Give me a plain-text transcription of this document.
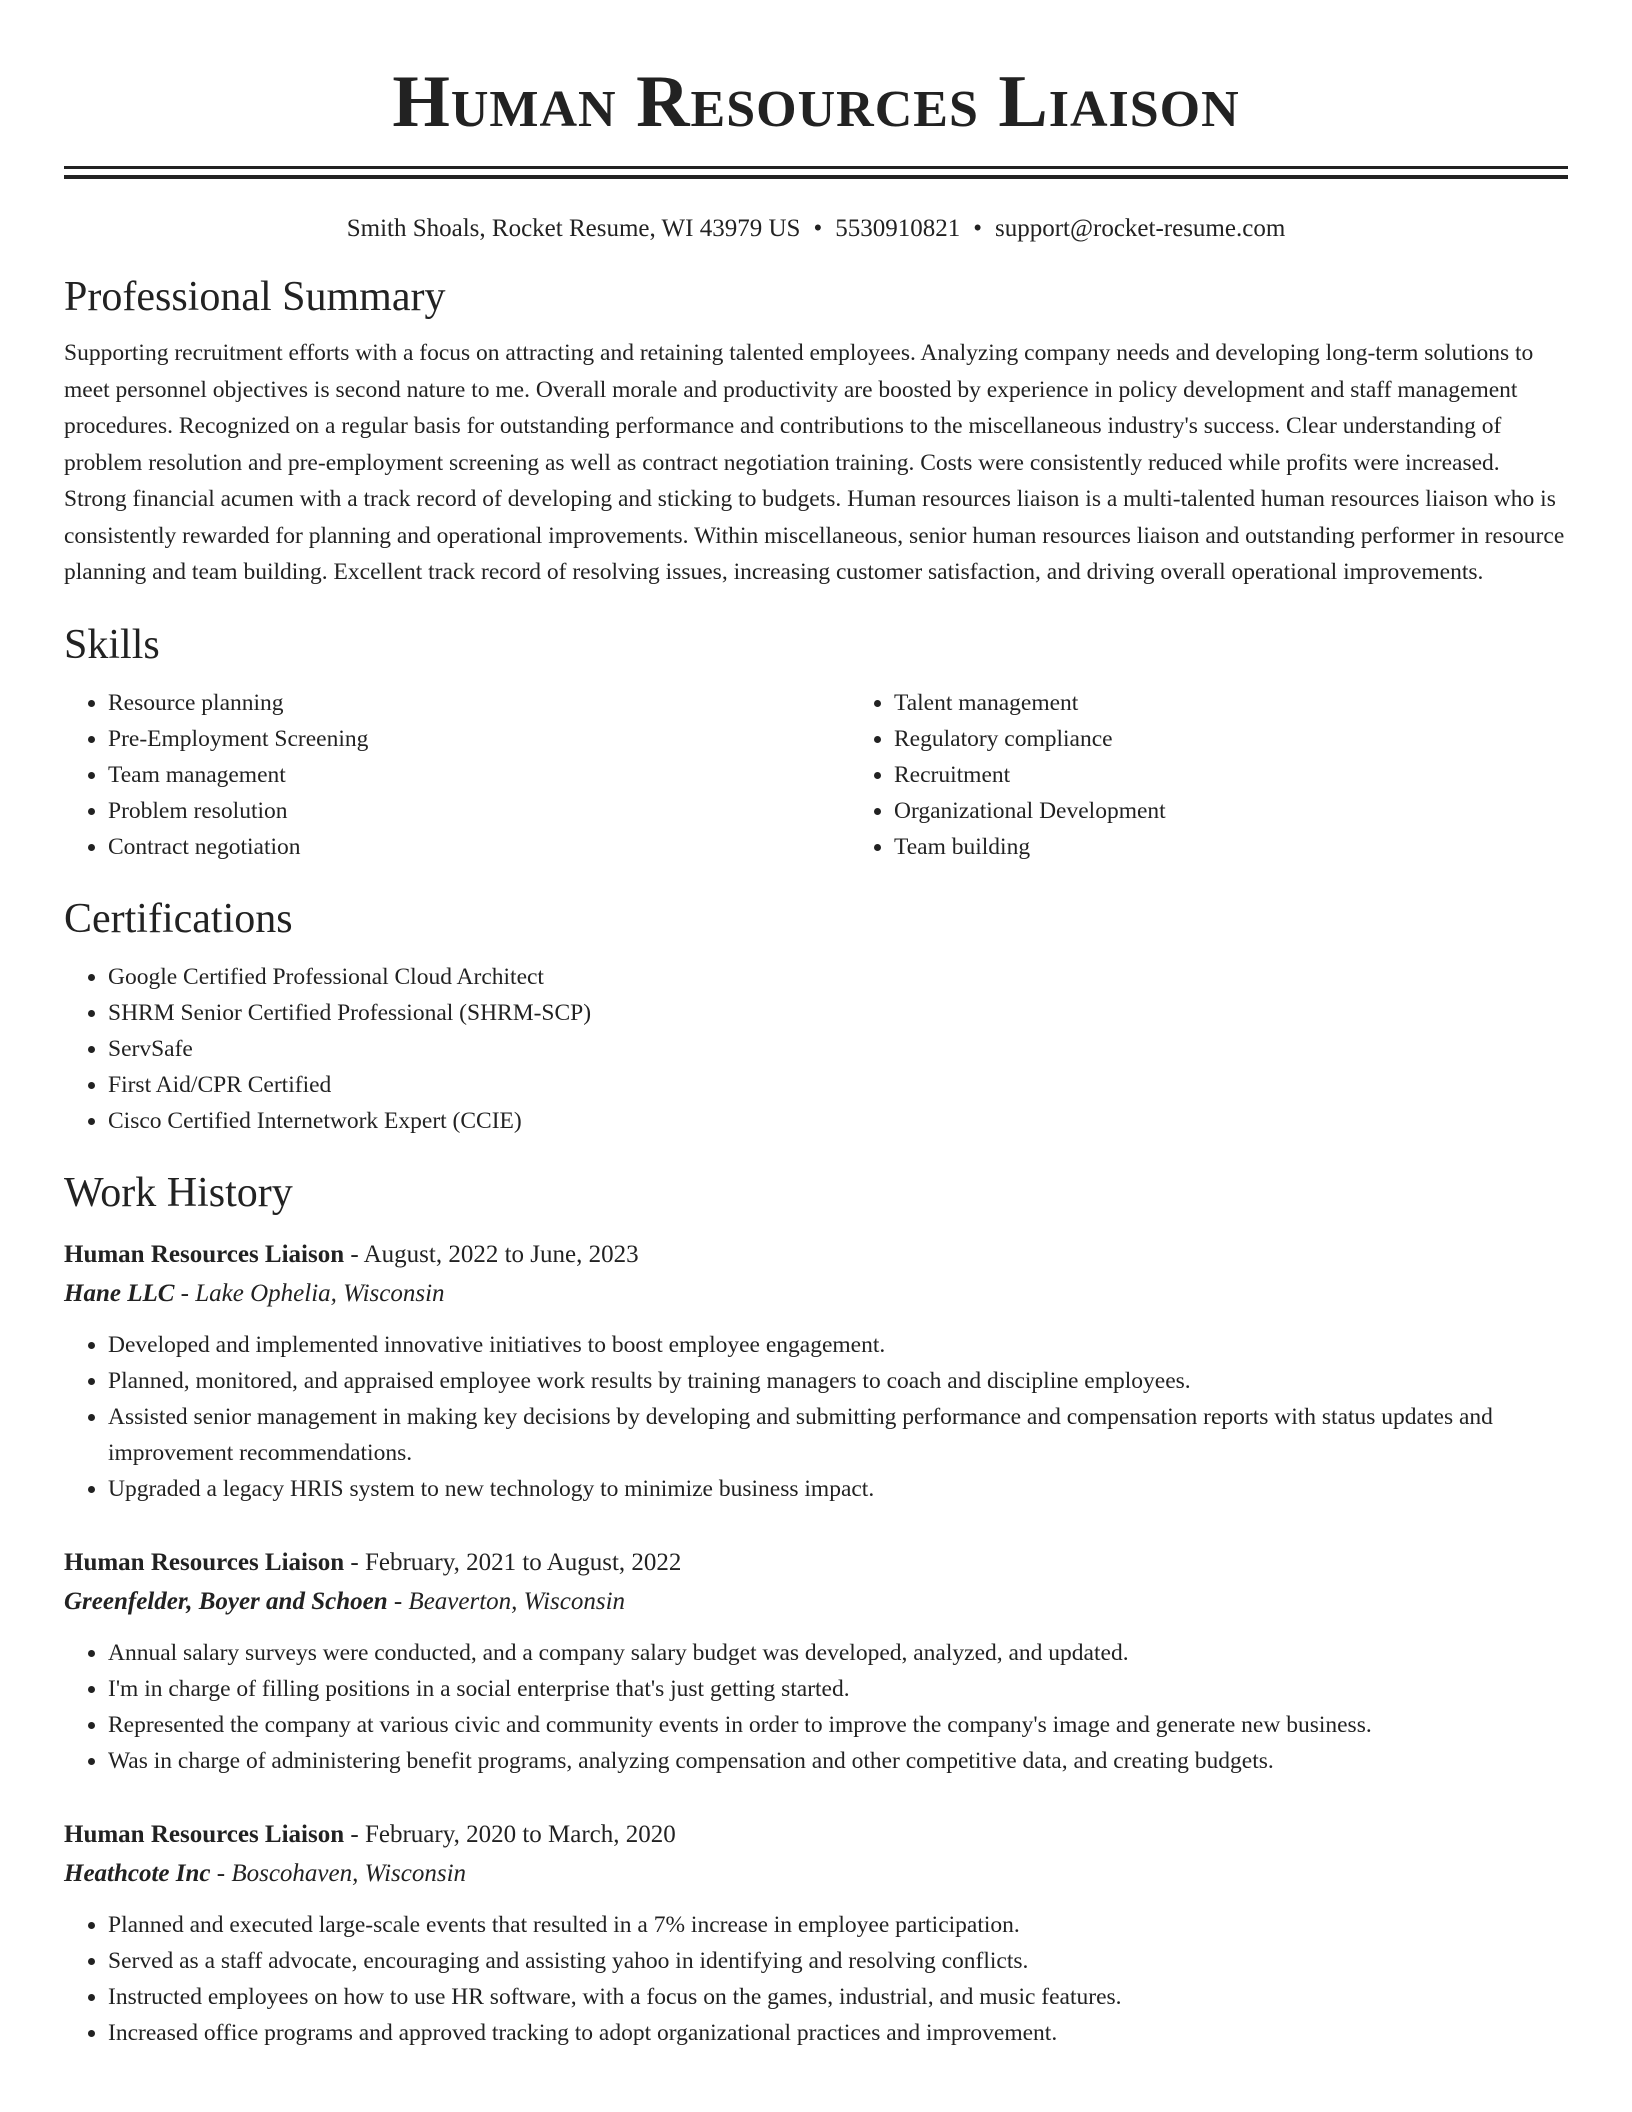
Human Resources Liaison
Smith Shoals, Rocket Resume, WI 43979 US • 5530910821 • support@rocket-resume.com
Professional Summary

Supporting recruitment efforts with a focus on attracting and retaining talented employees. Analyzing company needs and developing long-term solutions to meet personnel objectives is second nature to me. Overall morale and productivity are boosted by experience in policy development and staff management procedures. Recognized on a regular basis for outstanding performance and contributions to the miscellaneous industry's success. Clear understanding of problem resolution and pre-employment screening as well as contract negotiation training. Costs were consistently reduced while profits were increased. Strong financial acumen with a track record of developing and sticking to budgets. Human resources liaison is a multi-talented human resources liaison who is consistently rewarded for planning and operational improvements. Within miscellaneous, senior human resources liaison and outstanding performer in resource planning and team building. Excellent track record of resolving issues, increasing customer satisfaction, and driving overall operational improvements.

Skills
• Resource planning
• Pre-Employment Screening
• Team management
• Problem resolution
• Contract negotiation
• Talent management
• Regulatory compliance
• Recruitment
• Organizational Development
• Team building
Certifications
• Google Certified Professional Cloud Architect
• SHRM Senior Certified Professional (SHRM-SCP)
• ServSafe
• First Aid/CPR Certified
• Cisco Certified Internetwork Expert (CCIE)
Work History
Human Resources Liaison - August, 2022 to June, 2023
Hane LLC - Lake Ophelia, Wisconsin
• Developed and implemented innovative initiatives to boost employee engagement.
• Planned, monitored, and appraised employee work results by training managers to coach and discipline employees.
• Assisted senior management in making key decisions by developing and submitting performance and compensation reports with status updates and improvement recommendations.
• Upgraded a legacy HRIS system to new technology to minimize business impact.
Human Resources Liaison - February, 2021 to August, 2022
Greenfelder, Boyer and Schoen - Beaverton, Wisconsin
• Annual salary surveys were conducted, and a company salary budget was developed, analyzed, and updated.
• I'm in charge of filling positions in a social enterprise that's just getting started.
• Represented the company at various civic and community events in order to improve the company's image and generate new business.
• Was in charge of administering benefit programs, analyzing compensation and other competitive data, and creating budgets.
Human Resources Liaison - February, 2020 to March, 2020
Heathcote Inc - Boscohaven, Wisconsin
• Planned and executed large-scale events that resulted in a 7% increase in employee participation.
• Served as a staff advocate, encouraging and assisting yahoo in identifying and resolving conflicts.
• Instructed employees on how to use HR software, with a focus on the games, industrial, and music features.
• Increased office programs and approved tracking to adopt organizational practices and improvement.
